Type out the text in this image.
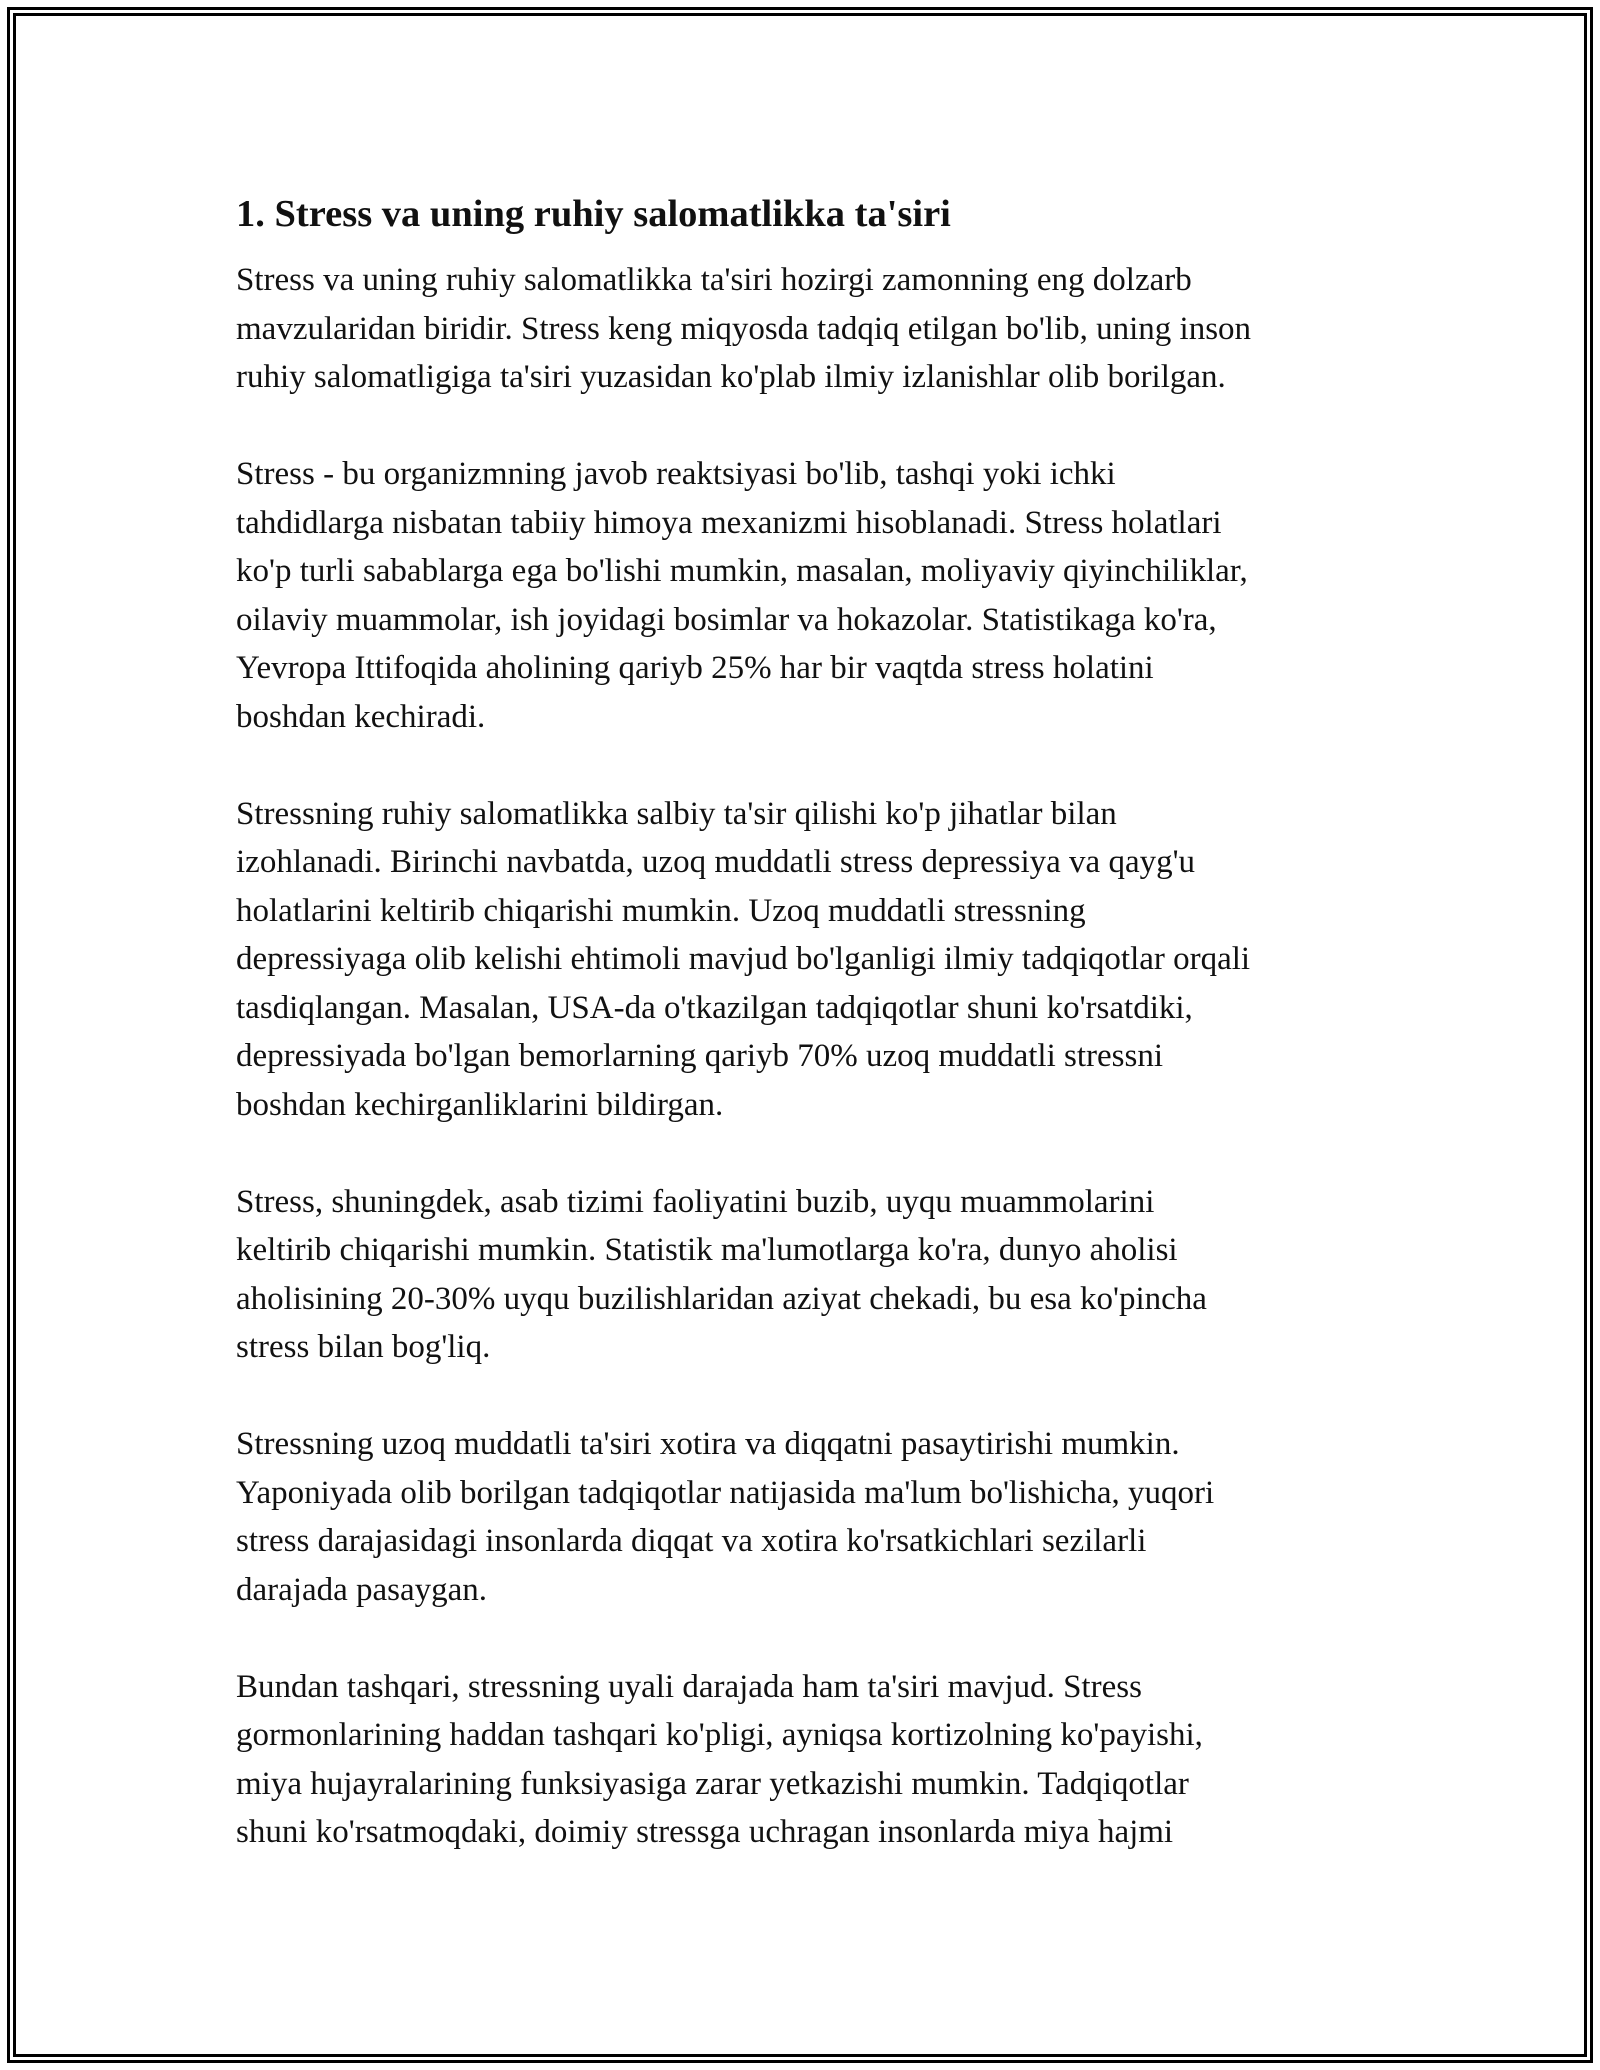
1. Stress va uning ruhiy salomatlikka ta'siri

Stress va uning ruhiy salomatlikka ta'siri hozirgi zamonning eng dolzarb
mavzularidan biridir. Stress keng miqyosda tadqiq etilgan bo'lib, uning inson
ruhiy salomatligiga ta'siri yuzasidan ko'plab ilmiy izlanishlar olib borilgan.

Stress - bu organizmning javob reaktsiyasi bo'lib, tashqi yoki ichki
tahdidlarga nisbatan tabiiy himoya mexanizmi hisoblanadi. Stress holatlari
ko'p turli sabablarga ega bo'lishi mumkin, masalan, moliyaviy qiyinchiliklar,
oilaviy muammolar, ish joyidagi bosimlar va hokazolar. Statistikaga ko'ra,
Yevropa Ittifoqida aholining qariyb 25% har bir vaqtda stress holatini
boshdan kechiradi.

Stressning ruhiy salomatlikka salbiy ta'sir qilishi ko'p jihatlar bilan
izohlanadi. Birinchi navbatda, uzoq muddatli stress depressiya va qayg'u
holatlarini keltirib chiqarishi mumkin. Uzoq muddatli stressning
depressiyaga olib kelishi ehtimoli mavjud bo'lganligi ilmiy tadqiqotlar orqali
tasdiqlangan. Masalan, USA-da o'tkazilgan tadqiqotlar shuni ko'rsatdiki,
depressiyada bo'lgan bemorlarning qariyb 70% uzoq muddatli stressni
boshdan kechirganliklarini bildirgan.

Stress, shuningdek, asab tizimi faoliyatini buzib, uyqu muammolarini
keltirib chiqarishi mumkin. Statistik ma'lumotlarga ko'ra, dunyo aholisi
aholisining 20-30% uyqu buzilishlaridan aziyat chekadi, bu esa ko'pincha
stress bilan bog'liq.

Stressning uzoq muddatli ta'siri xotira va diqqatni pasaytirishi mumkin.
Yaponiyada olib borilgan tadqiqotlar natijasida ma'lum bo'lishicha, yuqori
stress darajasidagi insonlarda diqqat va xotira ko'rsatkichlari sezilarli
darajada pasaygan.

Bundan tashqari, stressning uyali darajada ham ta'siri mavjud. Stress
gormonlarining haddan tashqari ko'pligi, ayniqsa kortizolning ko'payishi,
miya hujayralarining funksiyasiga zarar yetkazishi mumkin. Tadqiqotlar
shuni ko'rsatmoqdaki, doimiy stressga uchragan insonlarda miya hajmi
